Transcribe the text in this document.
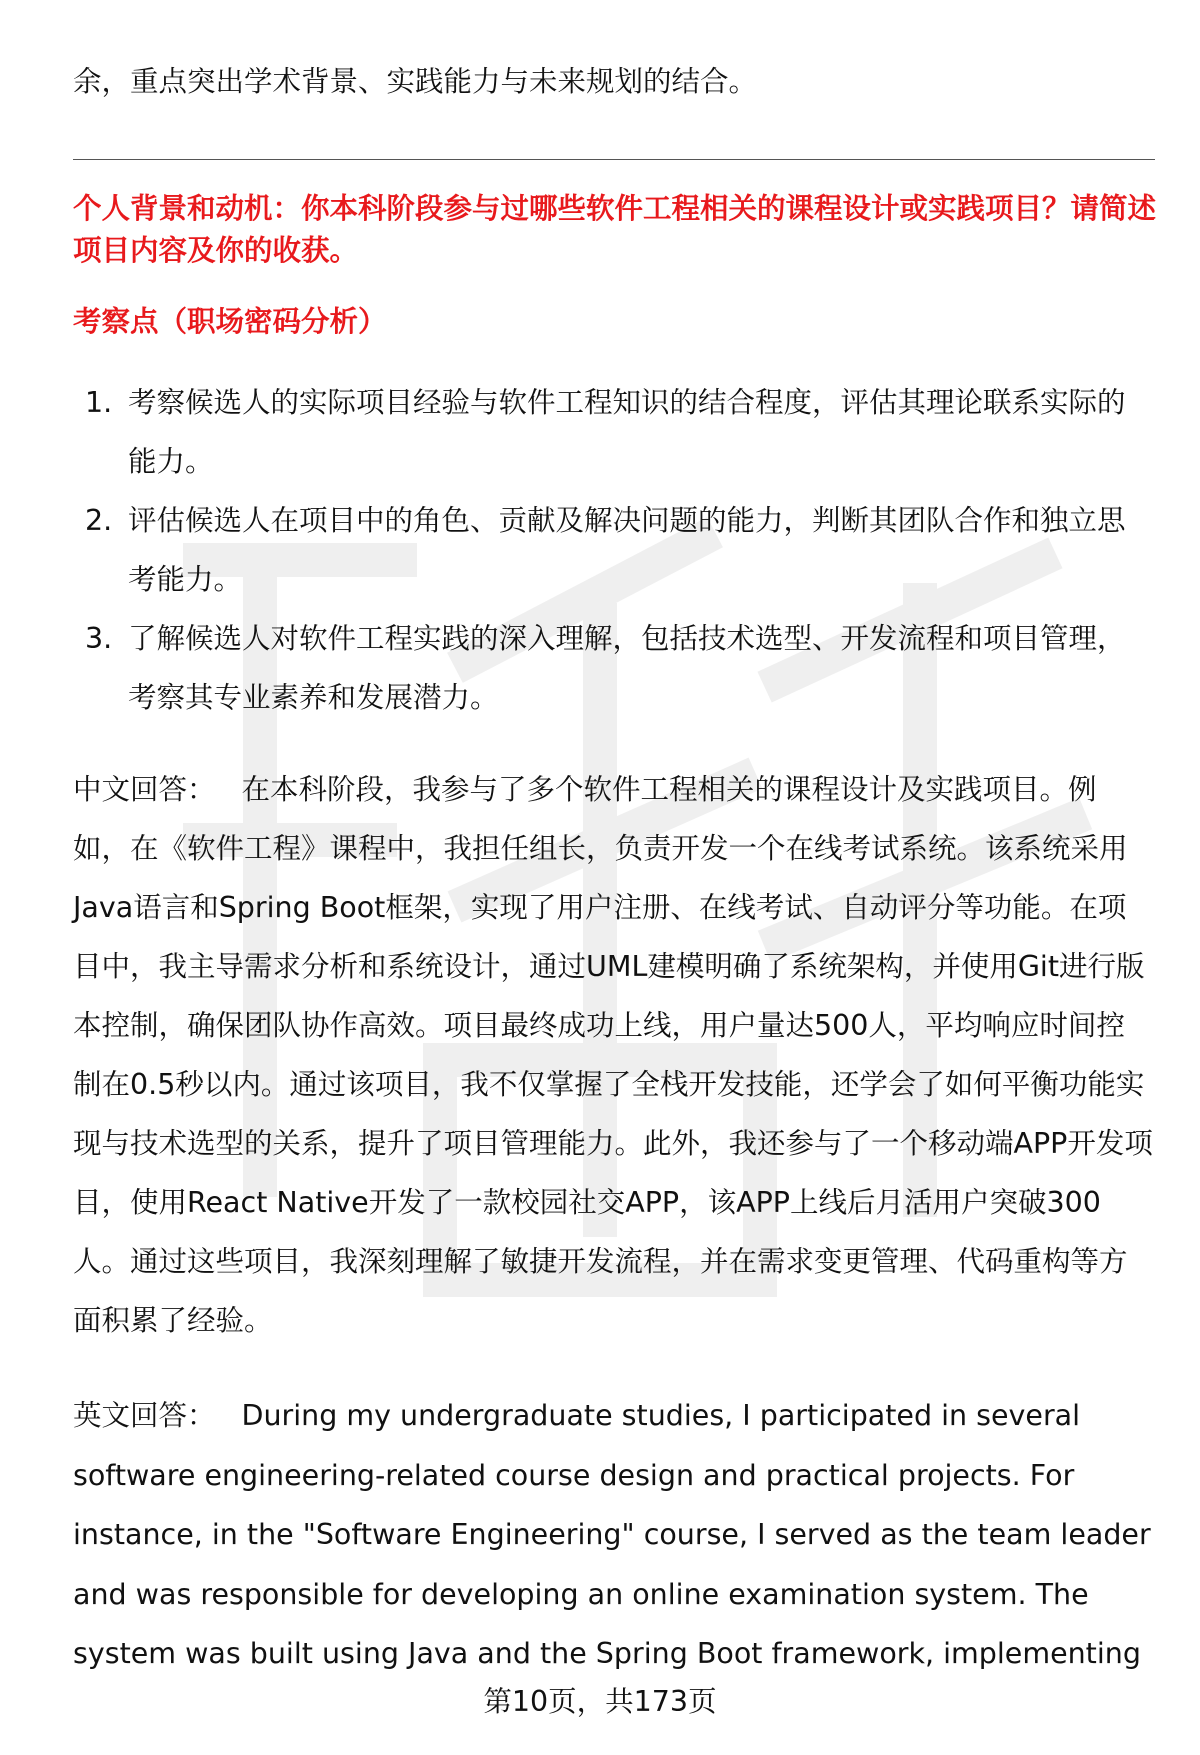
余，重点突出学术背景、实践能力与未来规划的结合。

个人背景和动机：你本科阶段参与过哪些软件工程相关的课程设计或实践项目？请简述项目内容及你的收获。

考察点（职场密码分析）

1. 考察候选人的实际项目经验与软件工程知识的结合程度，评估其理论联系实际的能力。
2. 评估候选人在项目中的角色、贡献及解决问题的能力，判断其团队合作和独立思考能力。
3. 了解候选人对软件工程实践的深入理解，包括技术选型、开发流程和项目管理，考察其专业素养和发展潜力。

中文回答： 在本科阶段，我参与了多个软件工程相关的课程设计及实践项目。例如，在《软件工程》课程中，我担任组长，负责开发一个在线考试系统。该系统采用Java语言和Spring Boot框架，实现了用户注册、在线考试、自动评分等功能。在项目中，我主导需求分析和系统设计，通过UML建模明确了系统架构，并使用Git进行版本控制，确保团队协作高效。项目最终成功上线，用户量达500人，平均响应时间控制在0.5秒以内。通过该项目，我不仅掌握了全栈开发技能，还学会了如何平衡功能实现与技术选型的关系，提升了项目管理能力。此外，我还参与了一个移动端APP开发项目，使用React Native开发了一款校园社交APP，该APP上线后月活用户突破300人。通过这些项目，我深刻理解了敏捷开发流程，并在需求变更管理、代码重构等方面积累了经验。

英文回答： During my undergraduate studies, I participated in several software engineering-related course design and practical projects. For instance, in the "Software Engineering" course, I served as the team leader and was responsible for developing an online examination system. The system was built using Java and the Spring Boot framework, implementing

第10页，共173页
